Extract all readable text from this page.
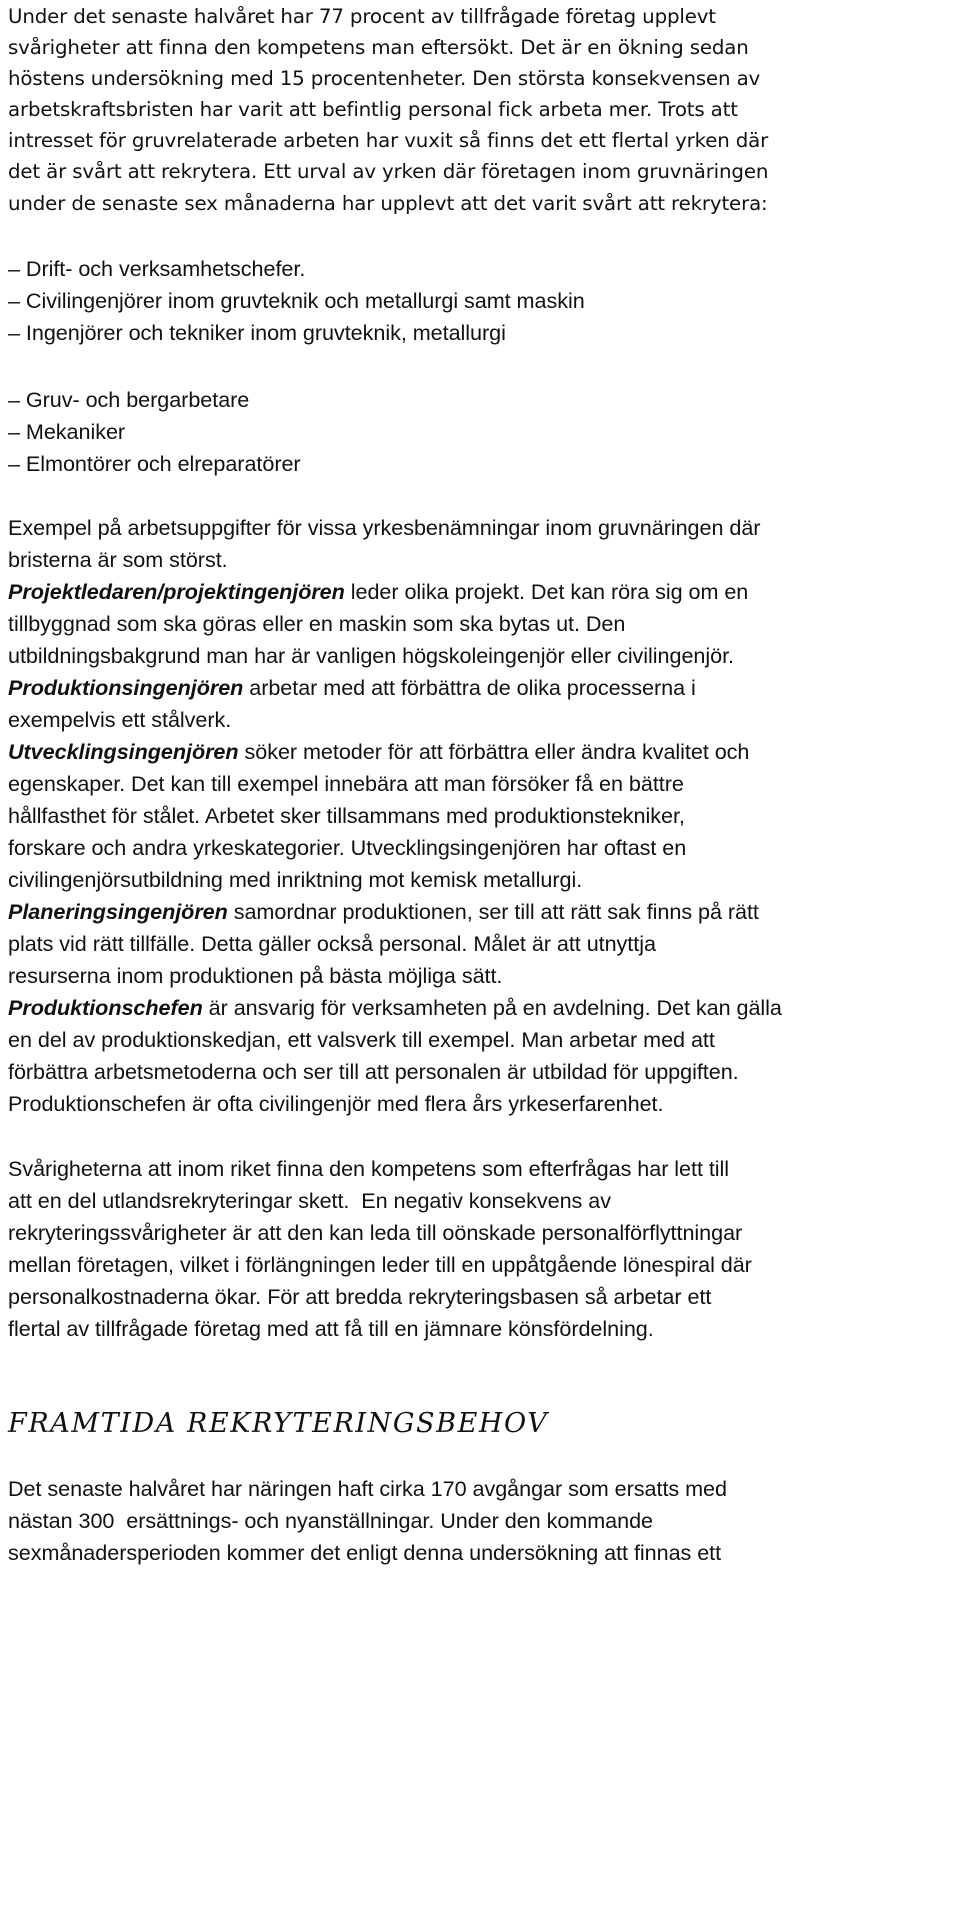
Under det senaste halvåret har 77 procent av tillfrågade företag upplevt
svårigheter att finna den kompetens man eftersökt. Det är en ökning sedan
höstens undersökning med 15 procentenheter. Den största konsekvensen av
arbetskraftsbristen har varit att befintlig personal fick arbeta mer. Trots att
intresset för gruvrelaterade arbeten har vuxit så finns det ett flertal yrken där
det är svårt att rekrytera. Ett urval av yrken där företagen inom gruvnäringen
under de senaste sex månaderna har upplevt att det varit svårt att rekrytera:
– Drift- och verksamhetschefer.
– Civilingenjörer inom gruvteknik och metallurgi samt maskin
– Ingenjörer och tekniker inom gruvteknik, metallurgi
– Gruv- och bergarbetare
– Mekaniker
– Elmontörer och elreparatörer
Exempel på arbetsuppgifter för vissa yrkesbenämningar inom gruvnäringen där
bristerna är som störst.
Projektledaren/projektingenjören leder olika projekt. Det kan röra sig om en
tillbyggnad som ska göras eller en maskin som ska bytas ut. Den
utbildningsbakgrund man har är vanligen högskoleingenjör eller civilingenjör.
Produktionsingenjören arbetar med att förbättra de olika processerna i
exempelvis ett stålverk.
Utvecklingsingenjören söker metoder för att förbättra eller ändra kvalitet och
egenskaper. Det kan till exempel innebära att man försöker få en bättre
hållfasthet för stålet. Arbetet sker tillsammans med produktionstekniker,
forskare och andra yrkeskategorier. Utvecklingsingenjören har oftast en
civilingenjörsutbildning med inriktning mot kemisk metallurgi.
Planeringsingenjören samordnar produktionen, ser till att rätt sak finns på rätt
plats vid rätt tillfälle. Detta gäller också personal. Målet är att utnyttja
resurserna inom produktionen på bästa möjliga sätt.
Produktionschefen är ansvarig för verksamheten på en avdelning. Det kan gälla
en del av produktionskedjan, ett valsverk till exempel. Man arbetar med att
förbättra arbetsmetoderna och ser till att personalen är utbildad för uppgiften.
Produktionschefen är ofta civilingenjör med flera års yrkeserfarenhet.
Svårigheterna att inom riket finna den kompetens som efterfrågas har lett till
att en del utlandsrekryteringar skett.  En negativ konsekvens av
rekryteringssvårigheter är att den kan leda till oönskade personalförflyttningar
mellan företagen, vilket i förlängningen leder till en uppåtgående lönespiral där
personalkostnaderna ökar. För att bredda rekryteringsbasen så arbetar ett
flertal av tillfrågade företag med att få till en jämnare könsfördelning.
FRAMTIDA REKRYTERINGSBEHOV
Det senaste halvåret har näringen haft cirka 170 avgångar som ersatts med
nästan 300  ersättnings- och nyanställningar. Under den kommande
sexmånadersperioden kommer det enligt denna undersökning att finnas ett
